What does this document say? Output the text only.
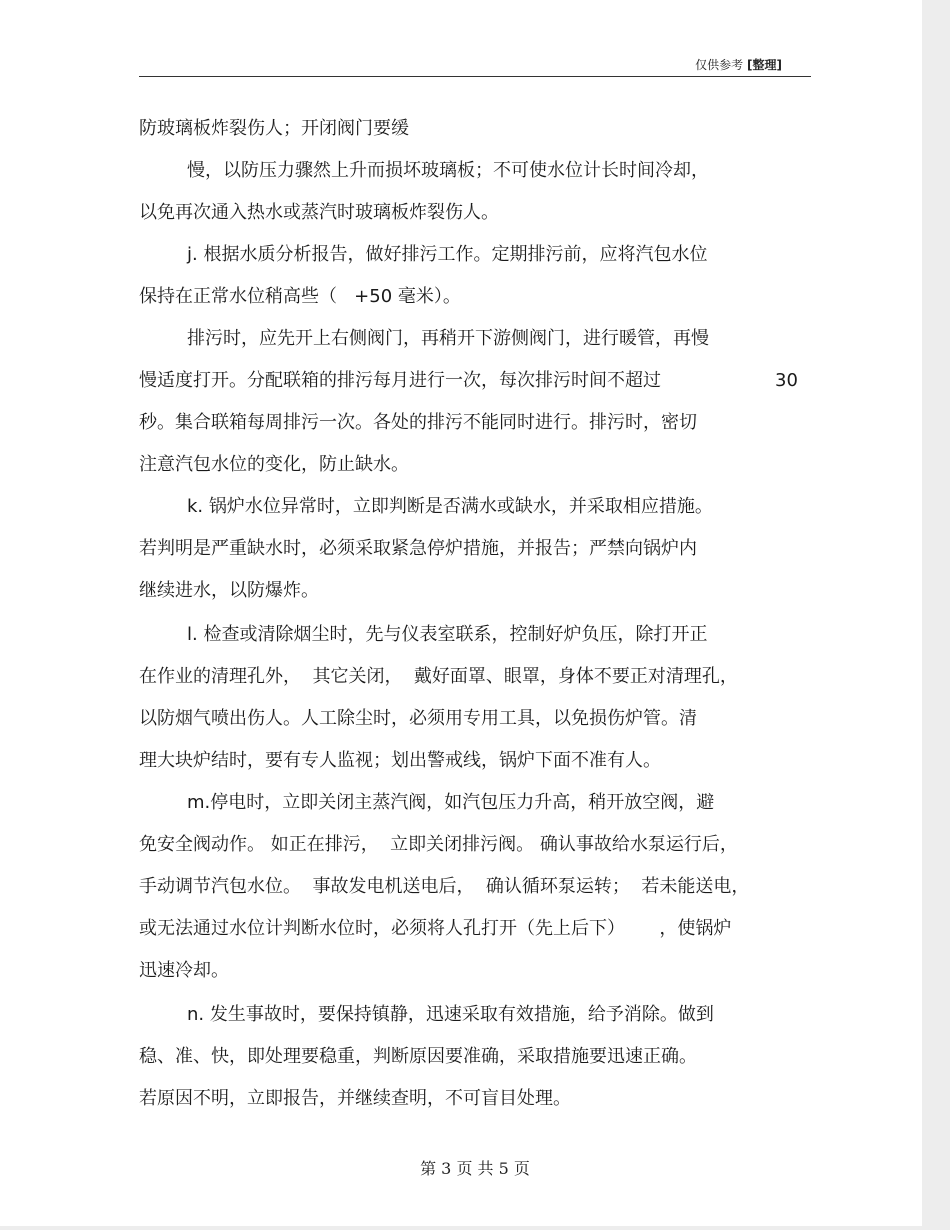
仅供参考 [整理]
防玻璃板炸裂伤人；开闭阀门要缓
慢，以防压力骤然上升而损坏玻璃板；不可使水位计长时间冷却，
以免再次通入热水或蒸汽时玻璃板炸裂伤人。
j. 根据水质分析报告，做好排污工作。定期排污前，应将汽包水位
保持在正常水位稍高些（   +50 毫米）。
排污时，应先开上右侧阀门，再稍开下游侧阀门，进行暖管，再慢
慢适度打开。分配联箱的排污每月进行一次，每次排污时间不超过	30
秒。集合联箱每周排污一次。各处的排污不能同时进行。排污时，密切
注意汽包水位的变化，防止缺水。
k. 锅炉水位异常时，立即判断是否满水或缺水，并采取相应措施。
若判明是严重缺水时，必须采取紧急停炉措施，并报告；严禁向锅炉内
继续进水，以防爆炸。
l. 检查或清除烟尘时，先与仪表室联系，控制好炉负压，除打开正
在作业的清理孔外，  其它关闭，  戴好面罩、眼罩，身体不要正对清理孔，
以防烟气喷出伤人。人工除尘时，必须用专用工具，以免损伤炉管。清
理大块炉结时，要有专人监视；划出警戒线，锅炉下面不准有人。
m.停电时，立即关闭主蒸汽阀，如汽包压力升高，稍开放空阀，避
免安全阀动作。 如正在排污，  立即关闭排污阀。 确认事故给水泵运行后，
手动调节汽包水位。  事故发电机送电后，  确认循环泵运转；  若未能送电，
或无法通过水位计判断水位时，必须将人孔打开（先上后下）      ，使锅炉
迅速冷却。
n. 发生事故时，要保持镇静，迅速采取有效措施，给予消除。做到
稳、准、快，即处理要稳重，判断原因要准确，采取措施要迅速正确。
若原因不明，立即报告，并继续查明，不可盲目处理。
第 3 页 共 5 页
